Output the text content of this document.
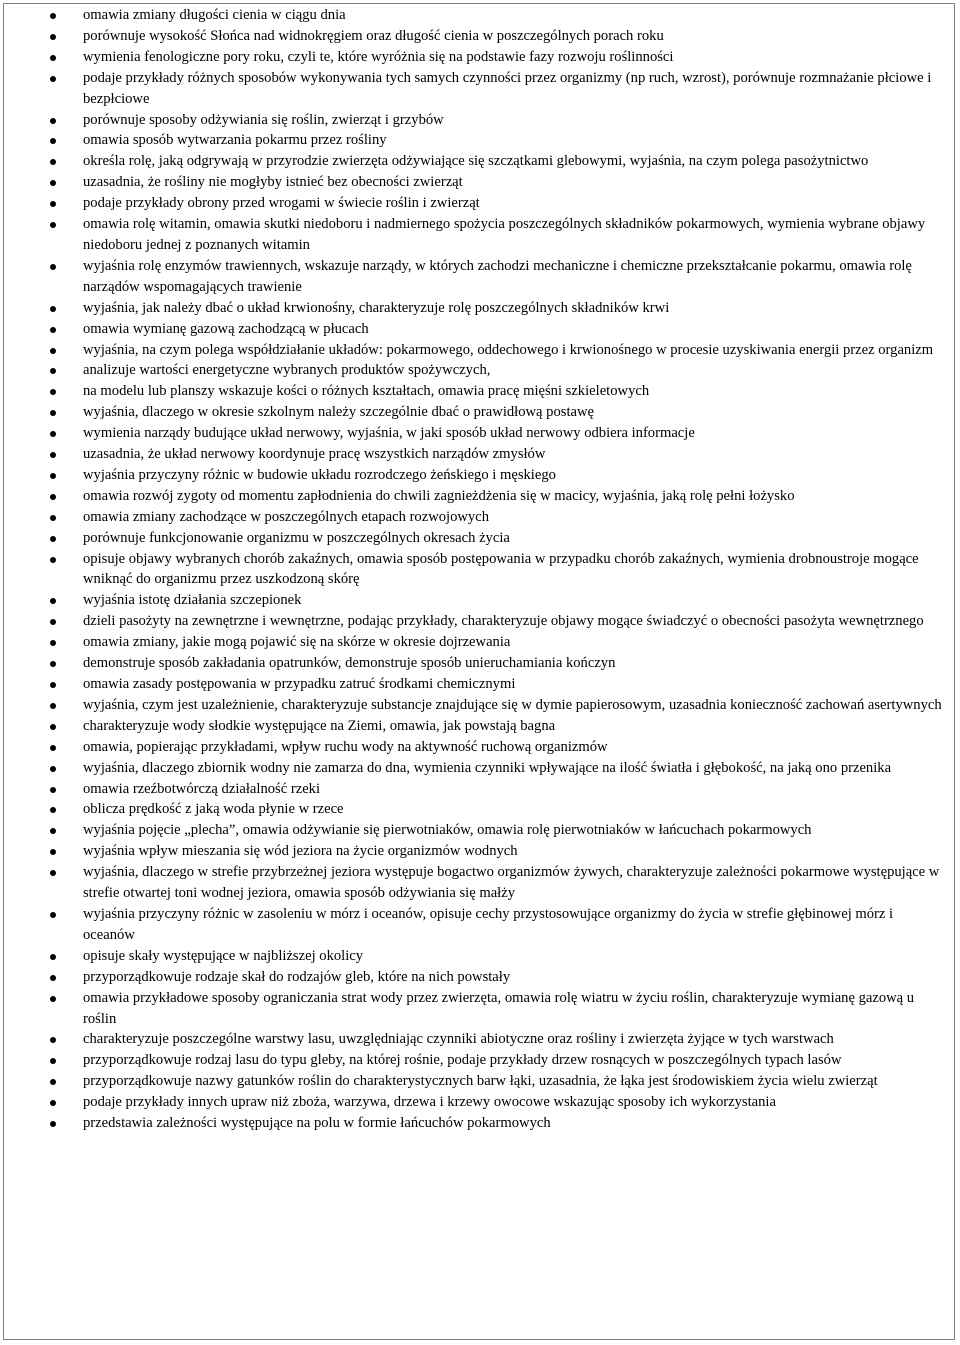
omawia zmiany długości cienia w ciągu dnia
porównuje wysokość Słońca nad widnokręgiem oraz długość cienia w poszczególnych porach roku
wymienia fenologiczne pory roku, czyli te, które wyróżnia się na podstawie fazy rozwoju roślinności
podaje przykłady różnych sposobów wykonywania tych samych czynności przez organizmy (np ruch, wzrost), porównuje rozmnażanie płciowe i bezpłciowe
porównuje sposoby odżywiania się roślin, zwierząt i grzybów
omawia sposób wytwarzania pokarmu przez rośliny
określa rolę, jaką odgrywają w przyrodzie zwierzęta odżywiające się szczątkami glebowymi, wyjaśnia, na czym polega pasożytnictwo
uzasadnia, że rośliny nie mogłyby istnieć bez obecności zwierząt
podaje przykłady obrony przed wrogami w świecie roślin i zwierząt
omawia rolę witamin, omawia skutki niedoboru i nadmiernego spożycia poszczególnych składników pokarmowych, wymienia wybrane objawy niedoboru jednej z poznanych witamin
wyjaśnia rolę enzymów trawiennych, wskazuje narządy, w których zachodzi mechaniczne i chemiczne przekształcanie pokarmu, omawia rolę narządów wspomagających trawienie
wyjaśnia, jak należy dbać o układ krwionośny, charakteryzuje rolę poszczególnych składników krwi
omawia wymianę gazową zachodzącą w płucach
wyjaśnia, na czym polega współdziałanie układów: pokarmowego, oddechowego i krwionośnego w procesie uzyskiwania energii przez organizm
analizuje wartości energetyczne wybranych produktów spożywczych,
na modelu lub planszy wskazuje kości o różnych kształtach, omawia pracę mięśni szkieletowych
wyjaśnia, dlaczego w okresie szkolnym należy szczególnie dbać o prawidłową postawę
wymienia narządy budujące układ nerwowy, wyjaśnia, w jaki sposób układ nerwowy odbiera informacje
uzasadnia, że układ nerwowy koordynuje pracę wszystkich narządów zmysłów
wyjaśnia przyczyny różnic w budowie układu rozrodczego żeńskiego i męskiego
omawia rozwój zygoty od momentu zapłodnienia do chwili zagnieżdżenia się w macicy, wyjaśnia, jaką rolę pełni łożysko
omawia zmiany zachodzące w poszczególnych etapach rozwojowych
porównuje funkcjonowanie organizmu w poszczególnych okresach życia
opisuje objawy wybranych chorób zakaźnych, omawia sposób postępowania w przypadku chorób zakaźnych, wymienia drobnoustroje mogące wniknąć do organizmu przez uszkodzoną skórę
wyjaśnia istotę działania szczepionek
dzieli pasożyty na zewnętrzne i wewnętrzne, podając przykłady, charakteryzuje objawy mogące świadczyć o obecności pasożyta wewnętrznego
omawia zmiany, jakie mogą pojawić się na skórze w okresie dojrzewania
demonstruje sposób zakładania opatrunków, demonstruje sposób unieruchamiania kończyn
omawia zasady postępowania w przypadku zatruć środkami chemicznymi
wyjaśnia, czym jest uzależnienie, charakteryzuje substancje znajdujące się w dymie papierosowym, uzasadnia konieczność zachowań asertywnych
charakteryzuje wody słodkie występujące na Ziemi, omawia, jak powstają bagna
omawia, popierając przykładami, wpływ ruchu wody na aktywność ruchową organizmów
wyjaśnia, dlaczego zbiornik wodny nie zamarza do dna, wymienia czynniki wpływające na ilość światła i głębokość, na jaką ono przenika
omawia rzeźbotwórczą działalność rzeki
oblicza prędkość z jaką woda płynie w rzece
wyjaśnia pojęcie „plecha”, omawia odżywianie się pierwotniaków, omawia rolę pierwotniaków w łańcuchach pokarmowych
wyjaśnia wpływ mieszania się wód jeziora na życie organizmów wodnych
wyjaśnia, dlaczego w strefie przybrzeżnej jeziora występuje bogactwo organizmów żywych, charakteryzuje zależności pokarmowe występujące w strefie otwartej toni wodnej jeziora, omawia sposób odżywiania się małży
wyjaśnia przyczyny różnic w zasoleniu w mórz i oceanów, opisuje cechy przystosowujące organizmy do życia w strefie głębinowej mórz i oceanów
opisuje skały występujące w najbliższej okolicy
przyporządkowuje rodzaje skał do rodzajów gleb, które na nich powstały
omawia przykładowe sposoby ograniczania strat wody przez zwierzęta, omawia rolę wiatru w życiu roślin, charakteryzuje wymianę gazową u roślin
charakteryzuje poszczególne warstwy lasu, uwzględniając czynniki abiotyczne oraz rośliny i zwierzęta żyjące w tych warstwach
przyporządkowuje rodzaj lasu do typu gleby, na której rośnie, podaje przykłady drzew rosnących w poszczególnych typach lasów
przyporządkowuje nazwy gatunków roślin do charakterystycznych barw łąki, uzasadnia, że łąka jest środowiskiem życia wielu zwierząt
podaje przykłady innych upraw niż zboża, warzywa, drzewa i krzewy owocowe wskazując sposoby ich wykorzystania
przedstawia zależności występujące na polu w formie łańcuchów pokarmowych
